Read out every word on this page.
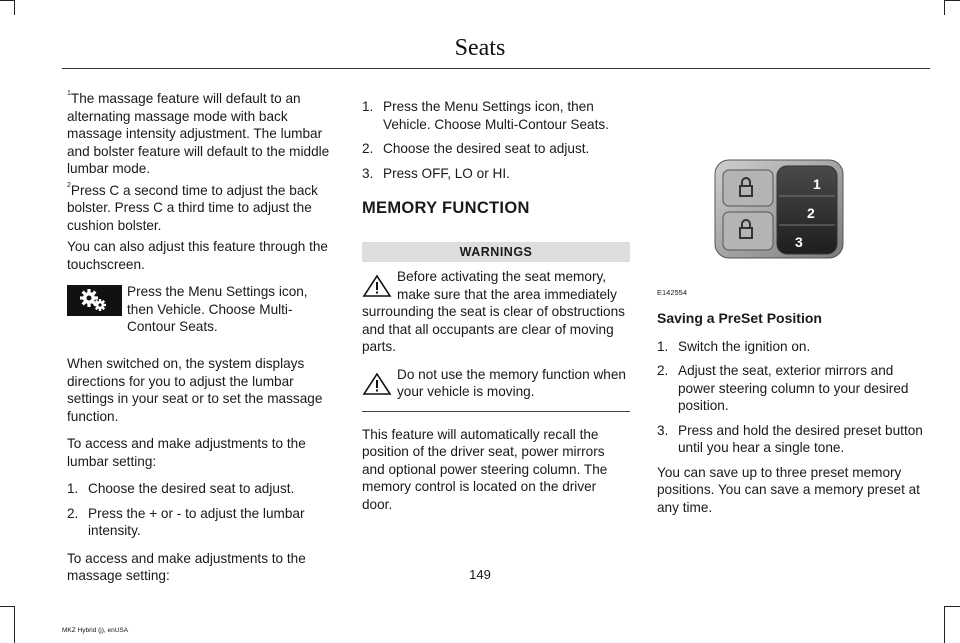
Seats

$^1$The massage feature will default to an alternating massage mode with back massage intensity adjustment. The lumbar and bolster feature will default to the middle lumbar mode.

$^2$Press C a second time to adjust the back bolster. Press C a third time to adjust the cushion bolster.

You can also adjust this feature through the touchscreen.

Press the Menu Settings icon, then Vehicle. Choose Multi-Contour Seats.

When switched on, the system displays directions for you to adjust the lumbar settings in your seat or to set the massage function.

To access and make adjustments to the lumbar setting:

1. Choose the desired seat to adjust.
2. Press the + or - to adjust the lumbar intensity.

To access and make adjustments to the massage setting:

1. Press the Menu Settings icon, then Vehicle. Choose Multi-Contour Seats.
2. Choose the desired seat to adjust.
3. Press OFF, LO or HI.
MEMORY FUNCTION
WARNINGS
Before activating the seat memory, make sure that the area immediately surrounding the seat is clear of obstructions and that all occupants are clear of moving parts.
Do not use the memory function when your vehicle is moving.

This feature will automatically recall the position of the driver seat, power mirrors and optional power steering column. The memory control is located on the driver door.

1
2
3
E142554
Saving a PreSet Position
1. Switch the ignition on.
2. Adjust the seat, exterior mirrors and power steering column to your desired position.
3. Press and hold the desired preset button until you hear a single tone.

You can save up to three preset memory positions. You can save a memory preset at any time.

149
MKZ Hybrid (j), enUSA
